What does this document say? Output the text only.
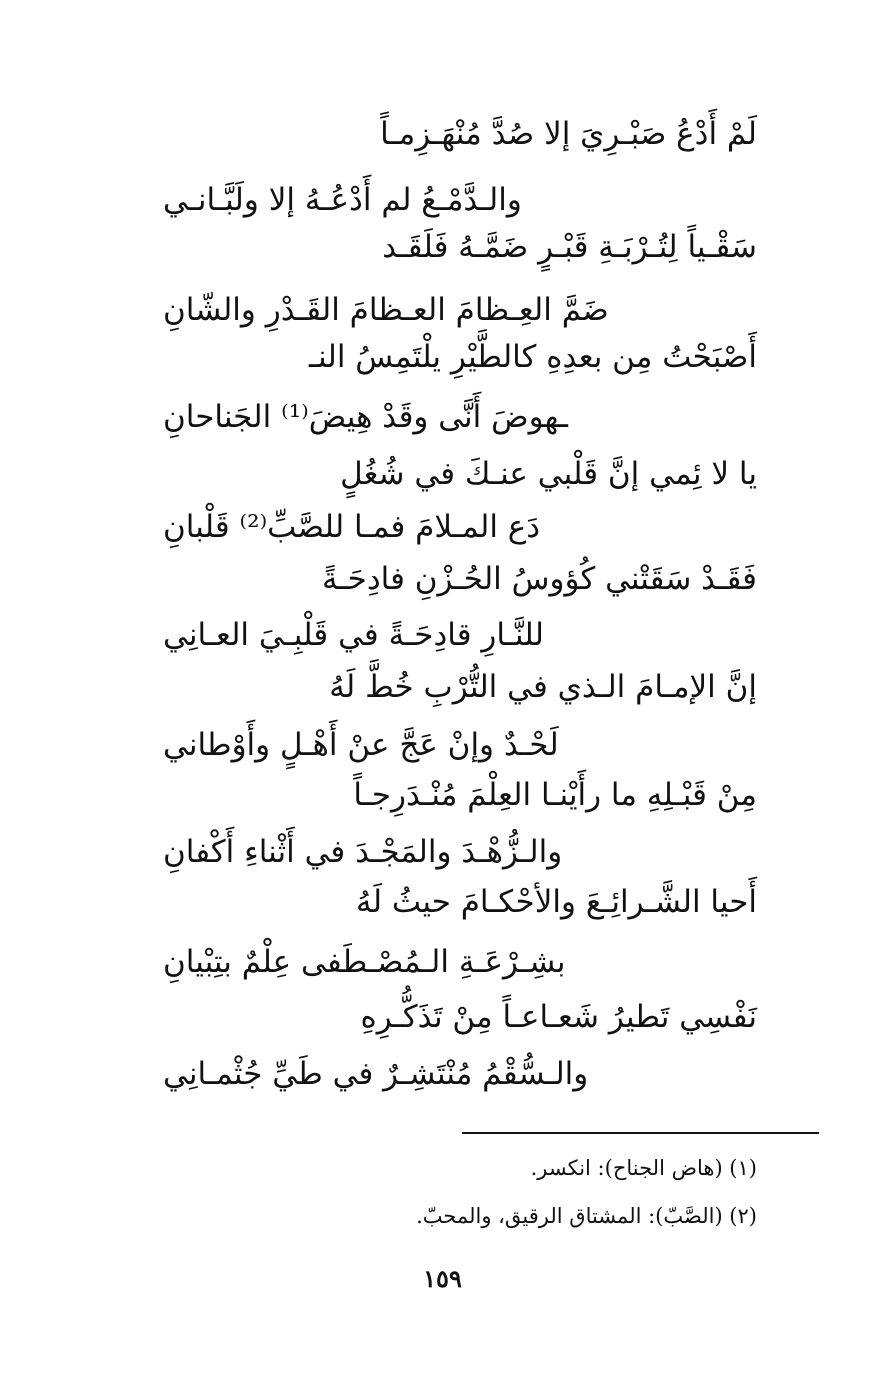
لَمْ أَدْعُ صَبْـرِيَ إلا صُدَّ مُنْهَـزِمـاً
والـدَّمْـعُ لم أَدْعُـهُ إلا ولَبَّـانـي
سَقْـياً لِتُـرْبَـةِ قَبْـرٍ ضَمَّـهُ فَلَقَـد
ضَمَّ العِـظامَ العـظامَ القَـدْرِ والشّانِ
أَصْبَحْتُ مِن بعدِهِ كالطَّيْرِ يلْتَمِسُ النـ
ـهوضَ أَنَّى وقَدْ هِيضَ⁽¹⁾ الجَناحانِ
يا لا ئِمي إنَّ قَلْبي عنـكَ في شُغُلٍ
دَع المـلامَ فمـا للصَّبِّ⁽²⁾ قَلْبانِ
فَقَـدْ سَقَتْني كُؤوسُ الحُـزْنِ فادِحَـةً
للنَّـارِ قادِحَـةً في قَلْبِـيَ العـانِي
إنَّ الإمـامَ الـذي في التُّرْبِ خُطَّ لَهُ
لَحْـدٌ وإنْ عَجَّ عنْ أَهْـلٍ وأَوْطاني
مِنْ قَبْـلِهِ ما رأَيْنـا العِلْمَ مُنْـدَرِجـاً
والـزُّهْـدَ والمَجْـدَ في أَثْناءِ أَكْفانِ
أَحيا الشَّـرائِـعَ والأحْكـامَ حيثُ لَهُ
بشِـرْعَـةِ الـمُصْـطَفى عِلْمٌ بتِبْيانِ
نَفْسِي تَطيرُ شَعـاعـاً مِنْ تَذَكُّـرِهِ
والـسُّقْمُ مُنْتَشِـرٌ في طَيِّ جُثْمـانِي
(١) (هاض الجناح): انكسر.
(٢) (الصَّبّ): المشتاق الرقيق، والمحبّ.
١٥٩
